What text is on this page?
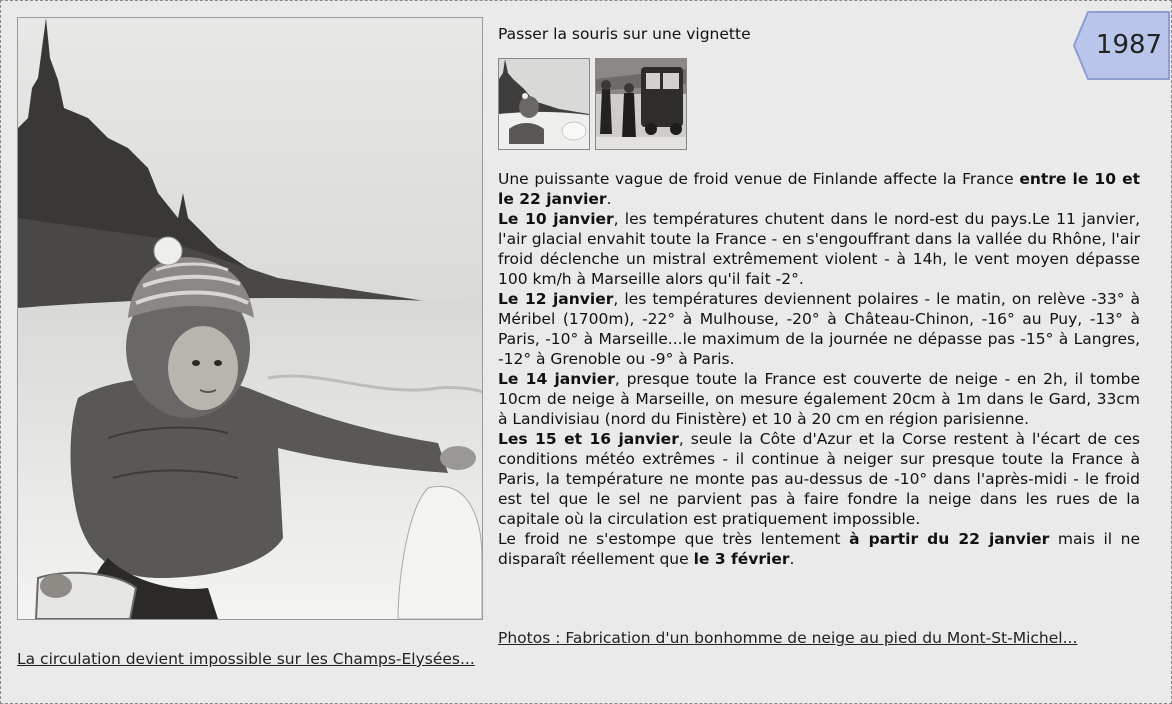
1987
Passer la souris sur une vignette

Une puissante vague de froid venue de Finlande affecte la France entre le 10 et le 22 janvier.

Le 10 janvier, les températures chutent dans le nord-est du pays.Le 11 janvier, l'air glacial envahit toute la France - en s'engouffrant dans la vallée du Rhône, l'air froid déclenche un mistral extrêmement violent - à 14h, le vent moyen dépasse 100 km/h à Marseille alors qu'il fait -2°.

Le 12 janvier, les températures deviennent polaires - le matin, on relève -33° à Méribel (1700m), -22° à Mulhouse, -20° à Château-Chinon, -16° au Puy, -13° à Paris, -10° à Marseille...le maximum de la journée ne dépasse pas -15° à Langres, -12° à Grenoble ou -9° à Paris.

Le 14 janvier, presque toute la France est couverte de neige - en 2h, il tombe 10cm de neige à Marseille, on mesure également 20cm à 1m dans le Gard, 33cm à Landivisiau (nord du Finistère) et 10 à 20 cm en région parisienne.

Les 15 et 16 janvier, seule la Côte d'Azur et la Corse restent à l'écart de ces conditions météo extrêmes - il continue à neiger sur presque toute la France à Paris, la température ne monte pas au-dessus de -10° dans l'après-midi - le froid est tel que le sel ne parvient pas à faire fondre la neige dans les rues de la capitale où la circulation est pratiquement impossible.

Le froid ne s'estompe que très lentement à partir du 22 janvier mais il ne disparaît réellement que le 3 février.

Photos : Fabrication d'un bonhomme de neige au pied du Mont-St-Michel...
La circulation devient impossible sur les Champs-Elysées...
